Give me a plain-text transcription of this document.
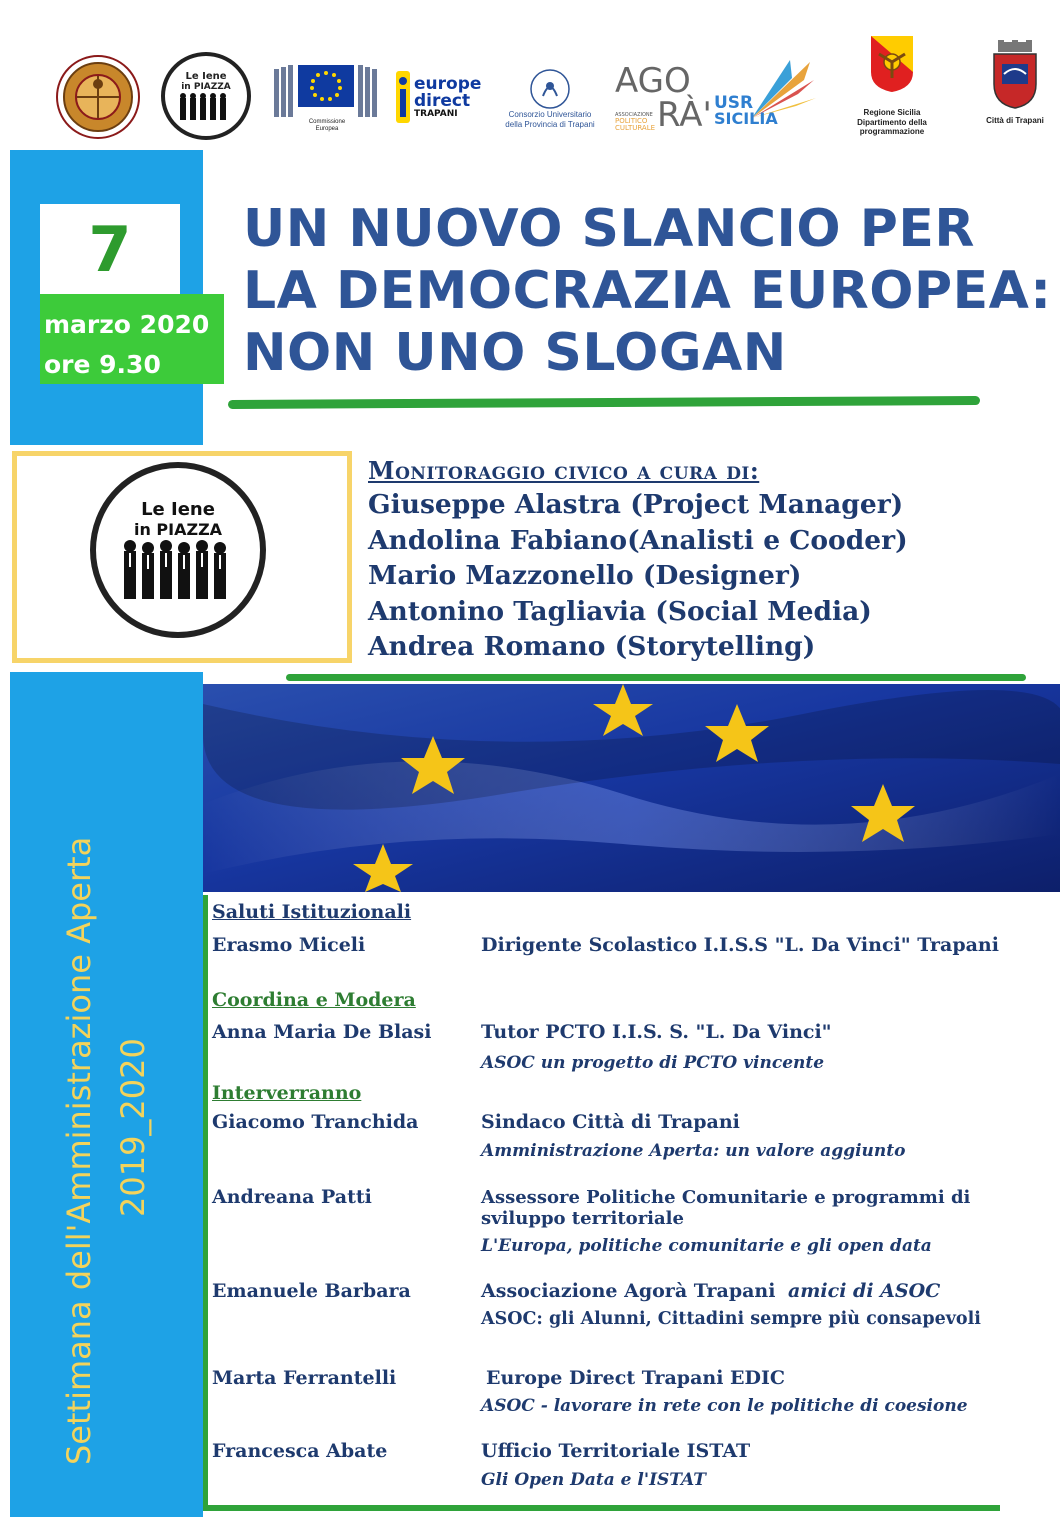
Le Iene
in PIAZZA
Commissione
Europea
europe
direct
TRAPANI	Consorzio Universitario
della Provincia di Trapani
AGO
ASSOCIAZIONE
POLITICO
CULTURALE RÀ' USR
SICILIA	Regione Sicilia
Dipartimento della
programmazione
Città di Trapani
7
marzo 2020
ore 9.30
UN NUOVO SLANCIO PER
LA DEMOCRAZIA EUROPEA:
NON UNO SLOGAN
Le Iene
in PIAZZA
Monitoraggio civico a cura di:
Giuseppe Alastra (Project Manager)
Andolina Fabiano(Analisti e Cooder)
Mario Mazzonello (Designer)
Antonino Tagliavia (Social Media)
Andrea Romano (Storytelling)
Settimana dell'Amministrazione Aperta 2019_2020
Saluti Istituzionali
Erasmo Miceli	Dirigente Scolastico I.I.S.S "L. Da Vinci" Trapani
Coordina e Modera
Anna Maria De Blasi	Tutor PCTO I.I.S. S. "L. Da Vinci"
ASOC un progetto di PCTO vincente
Interverranno
Giacomo Tranchida	Sindaco Città di Trapani
Amministrazione Aperta: un valore aggiunto
Andreana Patti	Assessore Politiche Comunitarie e programmi di
sviluppo territoriale
L'Europa, politiche comunitarie e gli open data
Emanuele Barbara	Associazione Agorà Trapani amici di ASOC
ASOC: gli Alunni, Cittadini sempre più consapevoli
Marta Ferrantelli	Europe Direct Trapani EDIC
ASOC - lavorare in rete con le politiche di coesione
Francesca Abate	Ufficio Territoriale ISTAT
Gli Open Data e l'ISTAT
